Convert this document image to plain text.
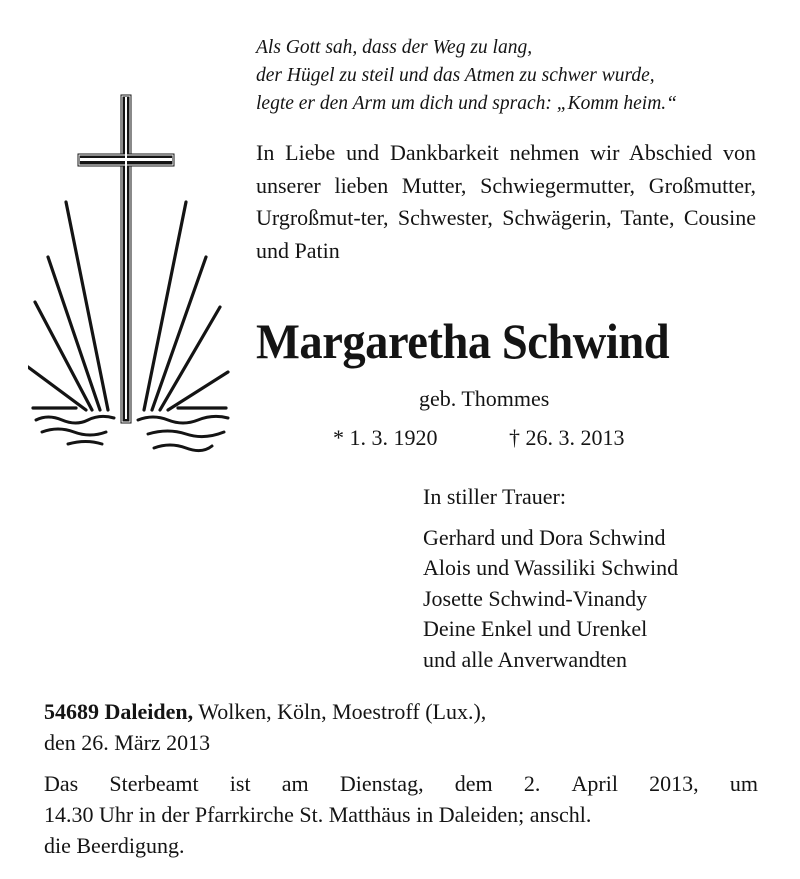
Als Gott sah, dass der Weg zu lang,
der Hügel zu steil und das Atmen zu schwer wurde,
legte er den Arm um dich und sprach: „Komm heim.“
In Liebe und Dankbarkeit nehmen wir Abschied von unserer lieben Mutter, Schwiegermutter, Großmutter, Urgroßmut-ter, Schwester, Schwägerin, Tante, Cousine und Patin
Margaretha Schwind
geb. Thommes
* 1. 3. 1920	† 26. 3. 2013
In stiller Trauer:
Gerhard und Dora Schwind
Alois und Wassiliki Schwind
Josette Schwind-Vinandy
Deine Enkel und Urenkel
und alle Anverwandten
54689 Daleiden, Wolken, Köln, Moestroff (Lux.),
den 26. März 2013
Das Sterbeamt ist am Dienstag, dem 2. April 2013, um
14.30 Uhr in der Pfarrkirche St. Matthäus in Daleiden; anschl.
die Beerdigung.
